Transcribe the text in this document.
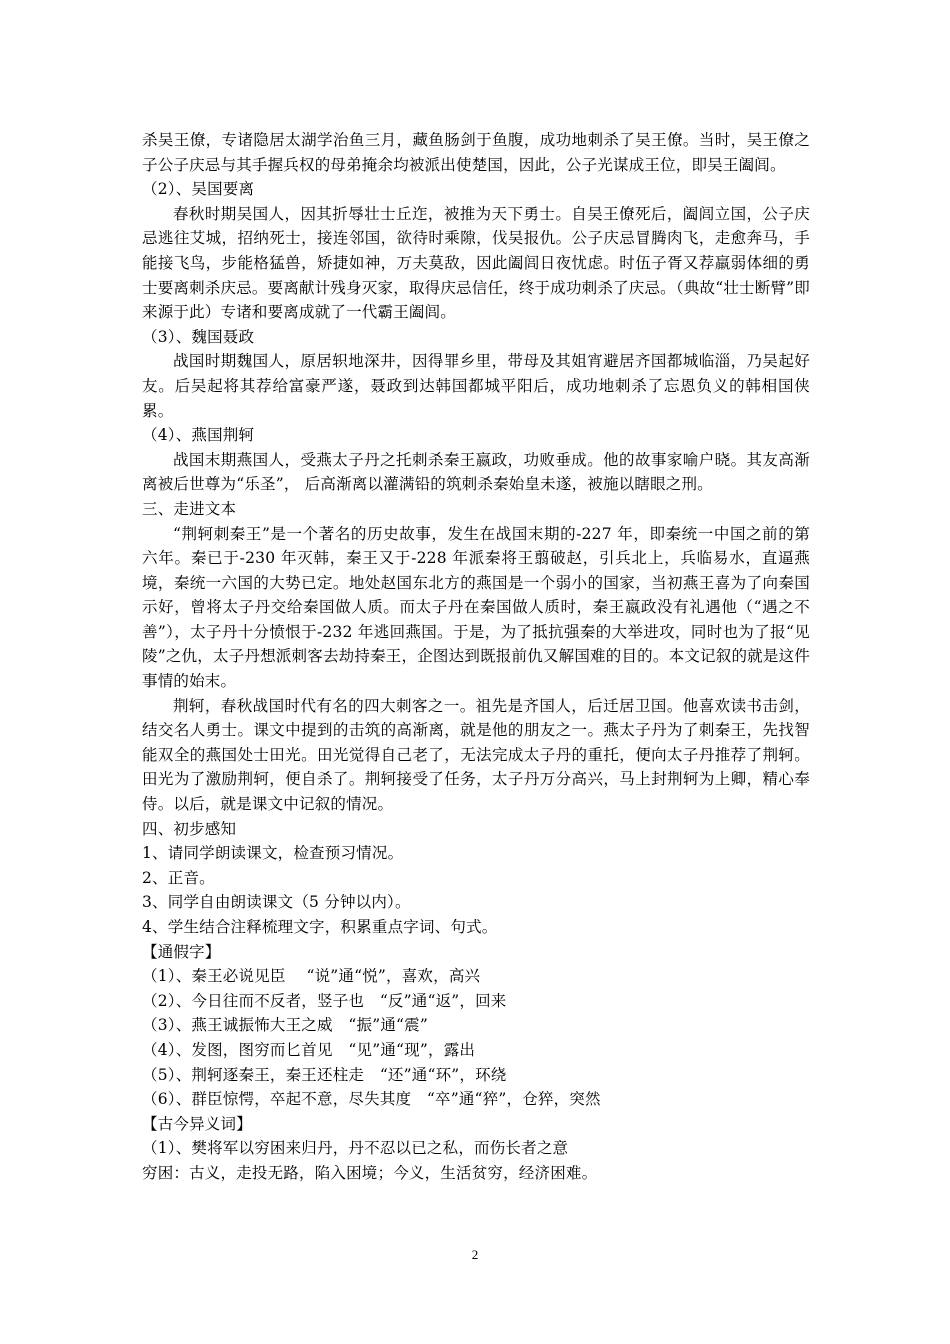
杀吴王僚，专诸隐居太湖学治鱼三月，藏鱼肠剑于鱼腹，成功地刺杀了吴王僚。当时，吴王僚之子公子庆忌与其手握兵权的母弟掩余均被派出使楚国，因此，公子光谋成王位，即吴王阖闾。

（2）、吴国要离

春秋时期吴国人，因其折辱壮士丘迮，被推为天下勇士。自吴王僚死后，阖闾立国，公子庆忌逃往艾城，招纳死士，接连邻国，欲待时乘隙，伐吴报仇。公子庆忌冒腾肉飞，走愈奔马，手能接飞鸟，步能格猛兽，矫捷如神，万夫莫敌，因此阖闾日夜忧虑。时伍子胥又荐羸弱体细的勇士要离刺杀庆忌。要离献计残身灭家，取得庆忌信任，终于成功刺杀了庆忌。（典故“壮士断臂”即来源于此）专诸和要离成就了一代霸王阖闾。

（3）、魏国聂政

战国时期魏国人，原居轵地深井，因得罪乡里，带母及其姐宵避居齐国都城临淄，乃吴起好友。后吴起将其荐给富豪严遂，聂政到达韩国都城平阳后，成功地刺杀了忘恩负义的韩相国侠累。

（4）、燕国荆轲

战国末期燕国人，受燕太子丹之托刺杀秦王嬴政，功败垂成。他的故事家喻户晓。其友高渐离被后世尊为“乐圣”， 后高渐离以灌满铅的筑刺杀秦始皇未遂，被施以瞎眼之刑。

三、走进文本

“荆轲刺秦王”是一个著名的历史故事，发生在战国末期的-227 年，即秦统一中国之前的第六年。秦已于-230 年灭韩，秦王又于-228 年派秦将王翦破赵，引兵北上，兵临易水，直逼燕境，秦统一六国的大势已定。地处赵国东北方的燕国是一个弱小的国家，当初燕王喜为了向秦国示好，曾将太子丹交给秦国做人质。而太子丹在秦国做人质时，秦王嬴政没有礼遇他（“遇之不善”），太子丹十分愤恨于-232 年逃回燕国。于是，为了抵抗强秦的大举进攻，同时也为了报“见陵”之仇，太子丹想派刺客去劫持秦王，企图达到既报前仇又解国难的目的。本文记叙的就是这件事情的始末。

荆轲，春秋战国时代有名的四大刺客之一。祖先是齐国人，后迁居卫国。他喜欢读书击剑，结交名人勇士。课文中提到的击筑的高渐离，就是他的朋友之一。燕太子丹为了刺秦王，先找智能双全的燕国处士田光。田光觉得自己老了，无法完成太子丹的重托，便向太子丹推荐了荆轲。田光为了激励荆轲，便自杀了。荆轲接受了任务，太子丹万分高兴，马上封荆轲为上卿，精心奉侍。以后，就是课文中记叙的情况。

四、初步感知

1、请同学朗读课文，检查预习情况。

2、正音。

3、同学自由朗读课文（5 分钟以内）。

4、学生结合注释梳理文字，积累重点字词、句式。

【通假字】

（1）、秦王必说见臣　 “说”通“悦”，喜欢，高兴

（2）、今日往而不反者，竖子也　“反”通“返”，回来

（3）、燕王诚振怖大王之威　“振”通“震”

（4）、发图，图穷而匕首见　“见”通“现”，露出

（5）、荆轲逐秦王，秦王还柱走　“还”通“环”，环绕

（6）、群臣惊愕，卒起不意，尽失其度　“卒”通“猝”，仓猝，突然

【古今异义词】

（1）、樊将军以穷困来归丹，丹不忍以已之私，而伤长者之意

穷困：古义，走投无路，陷入困境；今义，生活贫穷，经济困难。

2
